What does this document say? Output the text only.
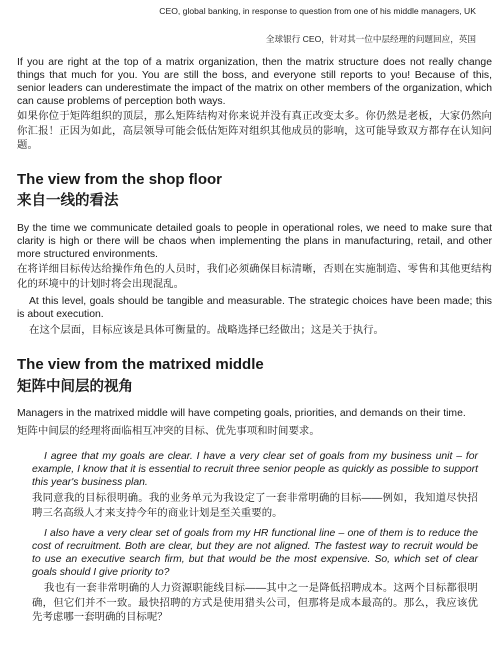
CEO, global banking, in response to question from one of his middle managers, UK
全球银行 CEO，针对其一位中层经理的问题回应，英国
If you are right at the top of a matrix organization, then the matrix structure does not really change things that much for you. You are still the boss, and everyone still reports to you! Because of this, senior leaders can underestimate the impact of the matrix on other members of the organization, which can cause problems of perception both ways.
如果你位于矩阵组织的顶层，那么矩阵结构对你来说并没有真正改变太多。你仍然是老板，大家仍然向你汇报！正因为如此，高层领导可能会低估矩阵对组织其他成员的影响，这可能导致双方都存在认知问题。
The view from the shop floor
来自一线的看法
By the time we communicate detailed goals to people in operational roles, we need to make sure that clarity is high or there will be chaos when implementing the plans in manufacturing, retail, and other more structured environments.
在将详细目标传达给操作角色的人员时，我们必须确保目标清晰，否则在实施制造、零售和其他更结构化的环境中的计划时将会出现混乱。
At this level, goals should be tangible and measurable. The strategic choices have been made; this is about execution.
在这个层面，目标应该是具体可衡量的。战略选择已经做出；这是关于执行。
The view from the matrixed middle
矩阵中间层的视角
Managers in the matrixed middle will have competing goals, priorities, and demands on their time.
矩阵中间层的经理将面临相互冲突的目标、优先事项和时间要求。
I agree that my goals are clear. I have a very clear set of goals from my business unit – for example, I know that it is essential to recruit three senior people as quickly as possible to support this year's business plan.
我同意我的目标很明确。我的业务单元为我设定了一套非常明确的目标——例如，我知道尽快招聘三名高级人才来支持今年的商业计划是至关重要的。
I also have a very clear set of goals from my HR functional line – one of them is to reduce the cost of recruitment. Both are clear, but they are not aligned. The fastest way to recruit would be to use an executive search firm, but that would be the most expensive. So, which set of clear goals should I give priority to?
我也有一套非常明确的人力资源职能线目标——其中之一是降低招聘成本。这两个目标都很明确，但它们并不一致。最快招聘的方式是使用猎头公司，但那将是成本最高的。那么，我应该优先考虑哪一套明确的目标呢？
